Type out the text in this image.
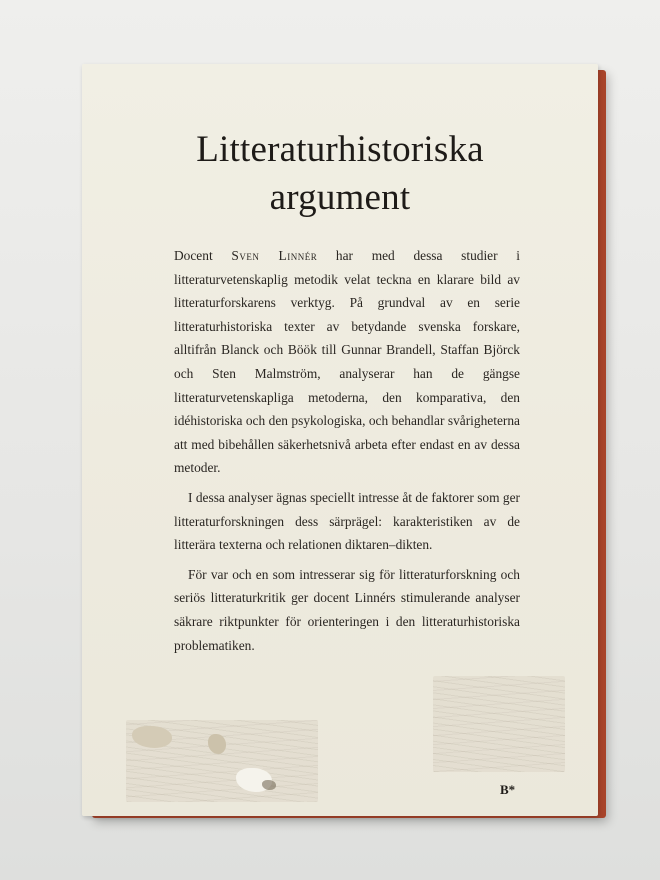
Litteraturhistoriska
argument

Docent Sven Linnér har med dessa studier i litteraturvetenskaplig metodik velat teckna en klarare bild av litteraturforskarens verktyg. På grundval av en serie litteraturhistoriska texter av betydande svenska forskare, alltifrån Blanck och Böök till Gunnar Brandell, Staffan Björck och Sten Malmström, analyserar han de gängse litteraturvetenskapliga metoderna, den komparativa, den idéhistoriska och den psykologiska, och behandlar svårigheterna att med bibehållen säkerhetsnivå arbeta efter endast en av dessa metoder.

I dessa analyser ägnas speciellt intresse åt de faktorer som ger litteraturforskningen dess särprägel: karakteristiken av de litterära texterna och relationen diktaren–dikten.

För var och en som intresserar sig för litteraturforskning och seriös litteraturkritik ger docent Linnérs stimulerande analyser säkrare riktpunkter för orienteringen i den litteraturhistoriska problematiken.

B*
